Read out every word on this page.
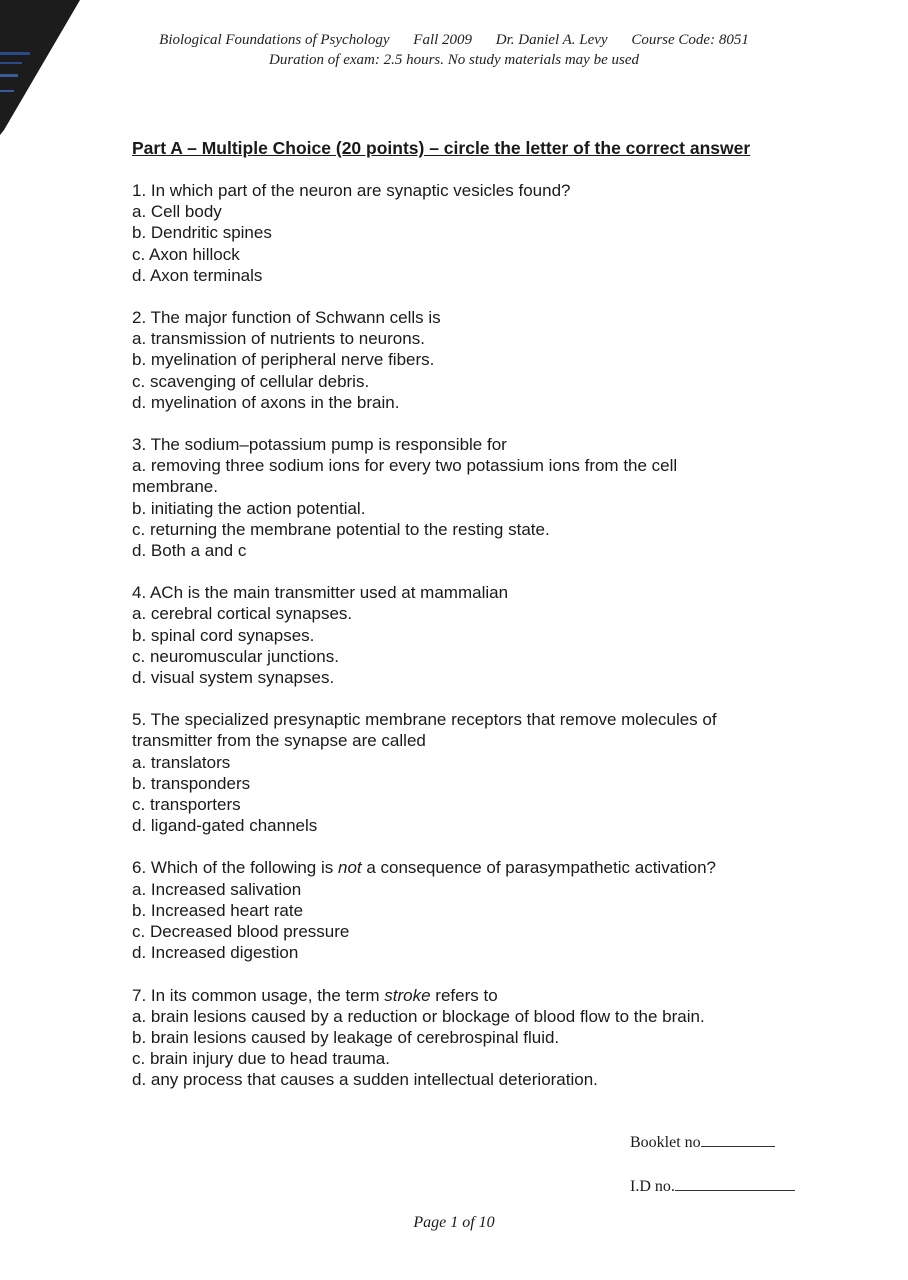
Biological Foundations of Psychology Fall 2009 Dr. Daniel A. Levy Course Code: 8051
Duration of exam: 2.5 hours. No study materials may be used
Part A – Multiple Choice (20 points) – circle the letter of the correct answer
1. In which part of the neuron are synaptic vesicles found?
a. Cell body
b. Dendritic spines
c. Axon hillock
d. Axon terminals
2. The major function of Schwann cells is
a. transmission of nutrients to neurons.
b. myelination of peripheral nerve fibers.
c. scavenging of cellular debris.
d. myelination of axons in the brain.
3. The sodium–potassium pump is responsible for
a. removing three sodium ions for every two potassium ions from the cell membrane.
b. initiating the action potential.
c. returning the membrane potential to the resting state.
d. Both a and c
4. ACh is the main transmitter used at mammalian
a. cerebral cortical synapses.
b. spinal cord synapses.
c. neuromuscular junctions.
d. visual system synapses.
5. The specialized presynaptic membrane receptors that remove molecules of transmitter from the synapse are called
a. translators
b. transponders
c. transporters
d. ligand-gated channels
6. Which of the following is not a consequence of parasympathetic activation?
a. Increased salivation
b. Increased heart rate
c. Decreased blood pressure
d. Increased digestion
7. In its common usage, the term stroke refers to
a. brain lesions caused by a reduction or blockage of blood flow to the brain.
b. brain lesions caused by leakage of cerebrospinal fluid.
c. brain injury due to head trauma.
d. any process that causes a sudden intellectual deterioration.
Booklet no
I.D no.
Page 1 of 10
